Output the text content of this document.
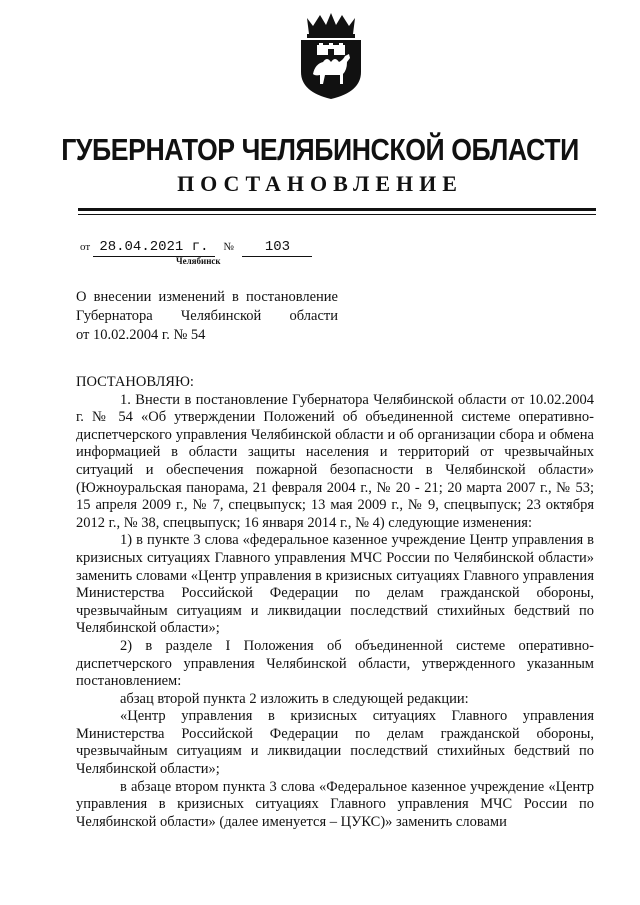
ГУБЕРНАТОР ЧЕЛЯБИНСКОЙ ОБЛАСТИ
ПОСТАНОВЛЕНИЕ
от 28.04.2021 г. № 103
Челябинск
О внесении изменений в постановление
Губернатора Челябинской области
от 10.02.2004 г. № 54

ПОСТАНОВЛЯЮ:

1. Внести в постановление Губернатора Челябинской области от 10.02.2004 г. № 54 «Об утверждении Положений об объединенной системе оперативно-диспетчерского управления Челябинской области и об организации сбора и обмена информацией в области защиты населения и территорий от чрезвычайных ситуаций и обеспечения пожарной безопасности в Челябинской области» (Южноуральская панорама, 21 февраля 2004 г., № 20 - 21; 20 марта 2007 г., № 53; 15 апреля 2009 г., № 7, спецвыпуск; 13 мая 2009 г., № 9, спецвыпуск; 23 октября 2012 г., № 38, спецвыпуск; 16 января 2014 г., № 4) следующие изменения:

1) в пункте 3 слова «федеральное казенное учреждение Центр управления в кризисных ситуациях Главного управления МЧС России по Челябинской области» заменить словами «Центр управления в кризисных ситуациях Главного управления Министерства Российской Федерации по делам гражданской обороны, чрезвычайным ситуациям и ликвидации последствий стихийных бедствий по Челябинской области»;

2) в разделе I Положения об объединенной системе оперативно-диспетчерского управления Челябинской области, утвержденного указанным постановлением:

абзац второй пункта 2 изложить в следующей редакции:

«Центр управления в кризисных ситуациях Главного управления Министерства Российской Федерации по делам гражданской обороны, чрезвычайным ситуациям и ликвидации последствий стихийных бедствий по Челябинской области»;

в абзаце втором пункта 3 слова «Федеральное казенное учреждение «Центр управления в кризисных ситуациях Главного управления МЧС России по Челябинской области» (далее именуется – ЦУКС)» заменить словами
